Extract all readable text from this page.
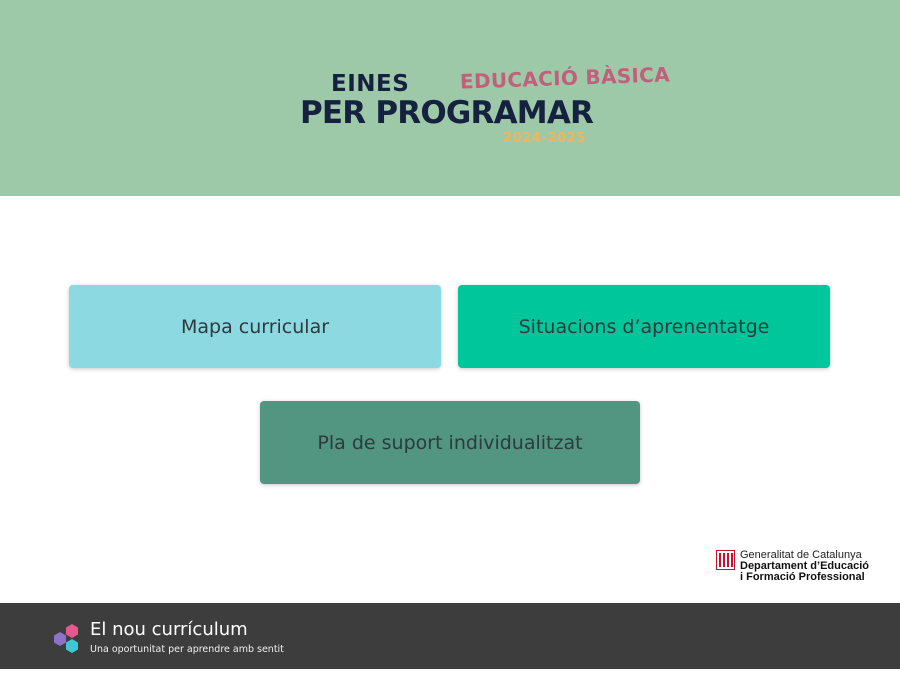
EINES
PER PROGRAMAR
EDUCACIÓ BÀSICA
2024-2025
Mapa curricular	Situacions d’aprenentatge
Pla de suport individualitzat
Generalitat de Catalunya
Departament d’Educació
i Formació Professional
El nou currículum
Una oportunitat per aprendre amb sentit
